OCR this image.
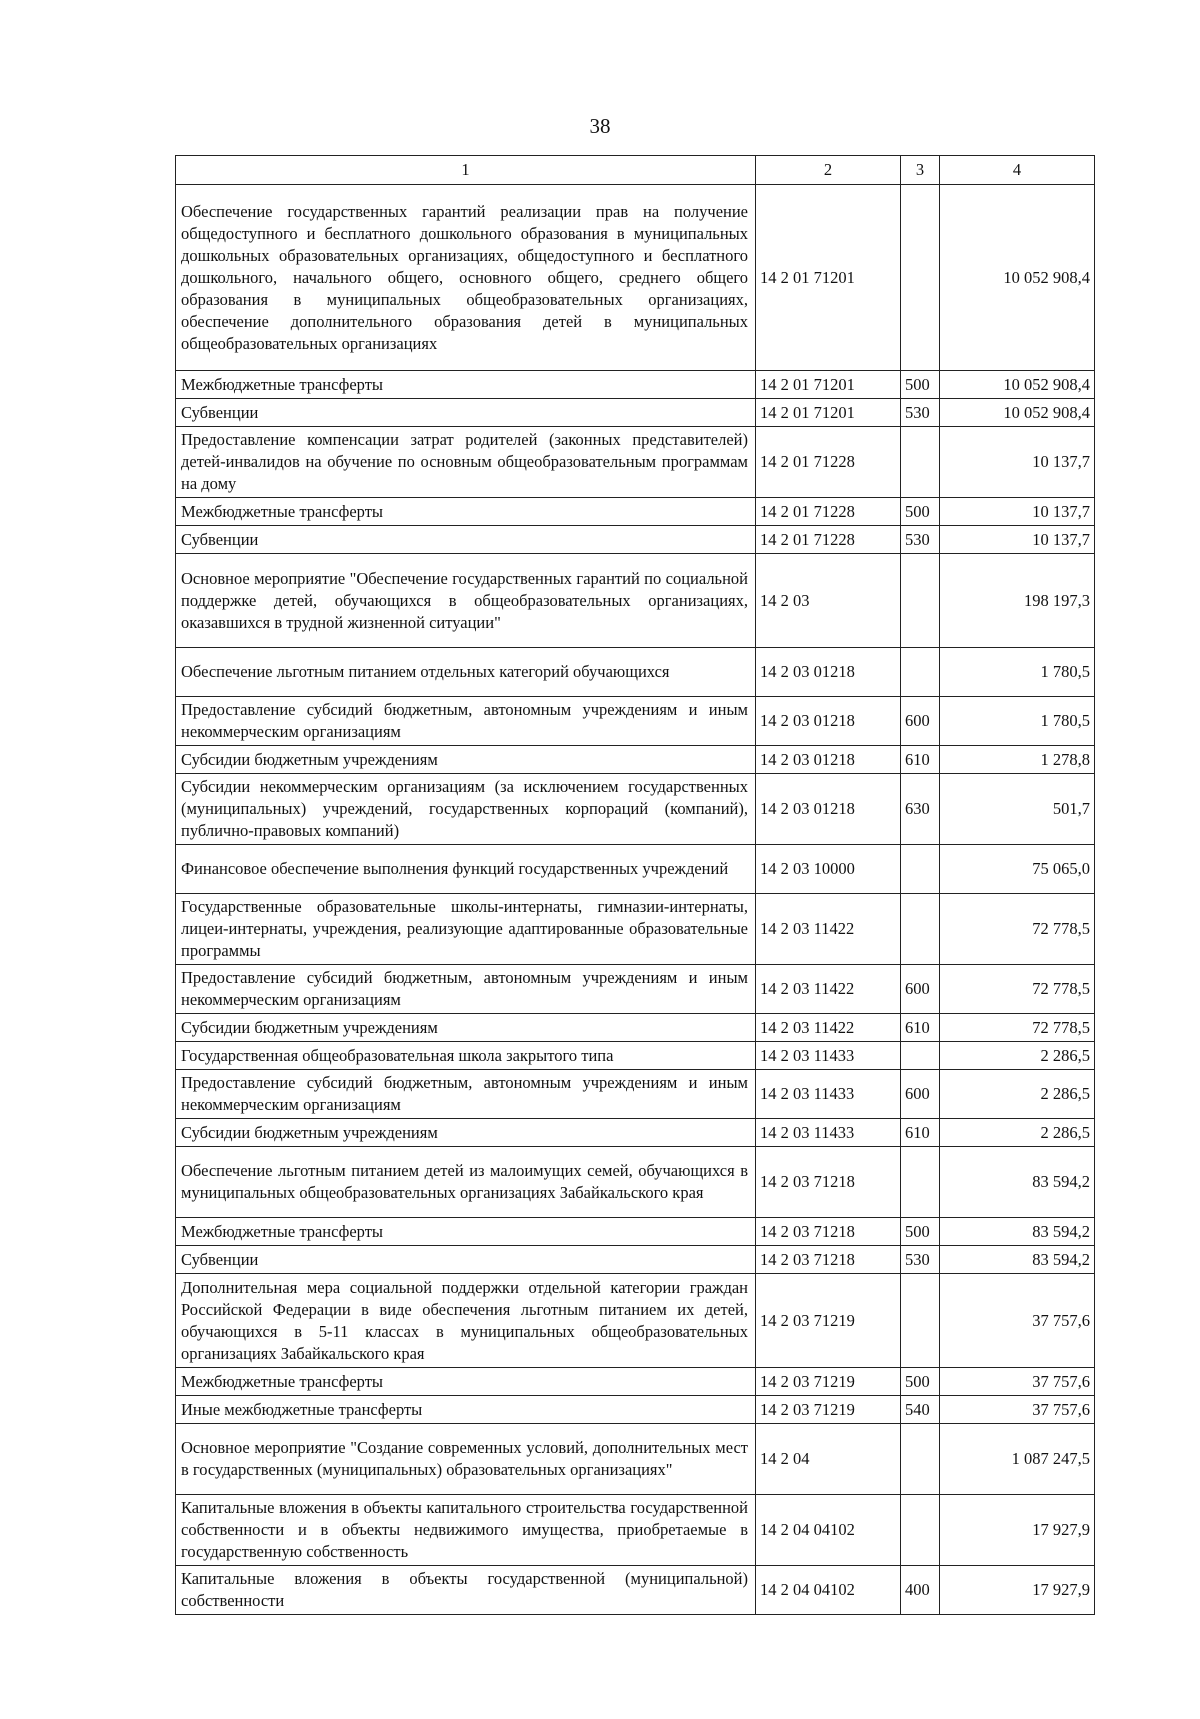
38
1	2	3	4
Обеспечение государственных гарантий реализации прав на получение общедоступного и бесплатного дошкольного образования в муниципальных дошкольных образовательных организациях, общедоступного и бесплатного дошкольного, начального общего, основного общего, среднего общего образования в муниципальных общеобразовательных организациях, обеспечение дополнительного образования детей в муниципальных общеобразовательных организациях	14 2 01 71201		10 052 908,4
Межбюджетные трансферты	14 2 01 71201	500	10 052 908,4
Субвенции	14 2 01 71201	530	10 052 908,4
Предоставление компенсации затрат родителей (законных представителей) детей-инвалидов на обучение по основным общеобразовательным программам на дому	14 2 01 71228		10 137,7
Межбюджетные трансферты	14 2 01 71228	500	10 137,7
Субвенции	14 2 01 71228	530	10 137,7
Основное мероприятие "Обеспечение государственных гарантий по социальной поддержке детей, обучающихся в общеобразовательных организациях, оказавшихся в трудной жизненной ситуации"	14 2 03		198 197,3
Обеспечение льготным питанием отдельных категорий обучающихся	14 2 03 01218		1 780,5
Предоставление субсидий бюджетным, автономным учреждениям и иным некоммерческим организациям	14 2 03 01218	600	1 780,5
Субсидии бюджетным учреждениям	14 2 03 01218	610	1 278,8
Субсидии некоммерческим организациям (за исключением государственных (муниципальных) учреждений, государственных корпораций (компаний), публично-правовых компаний)	14 2 03 01218	630	501,7
Финансовое обеспечение выполнения функций государственных учреждений	14 2 03 10000		75 065,0
Государственные образовательные школы-интернаты, гимназии-интернаты, лицеи-интернаты, учреждения, реализующие адаптированные образовательные программы	14 2 03 11422		72 778,5
Предоставление субсидий бюджетным, автономным учреждениям и иным некоммерческим организациям	14 2 03 11422	600	72 778,5
Субсидии бюджетным учреждениям	14 2 03 11422	610	72 778,5
Государственная общеобразовательная школа закрытого типа	14 2 03 11433		2 286,5
Предоставление субсидий бюджетным, автономным учреждениям и иным некоммерческим организациям	14 2 03 11433	600	2 286,5
Субсидии бюджетным учреждениям	14 2 03 11433	610	2 286,5
Обеспечение льготным питанием детей из малоимущих семей, обучающихся в муниципальных общеобразовательных организациях Забайкальского края	14 2 03 71218		83 594,2
Межбюджетные трансферты	14 2 03 71218	500	83 594,2
Субвенции	14 2 03 71218	530	83 594,2
Дополнительная мера социальной поддержки отдельной категории граждан Российской Федерации в виде обеспечения льготным питанием их детей, обучающихся в 5-11 классах в муниципальных общеобразовательных организациях Забайкальского края	14 2 03 71219		37 757,6
Межбюджетные трансферты	14 2 03 71219	500	37 757,6
Иные межбюджетные трансферты	14 2 03 71219	540	37 757,6
Основное мероприятие "Создание современных условий, дополнительных мест в государственных (муниципальных) образовательных организациях"	14 2 04		1 087 247,5
Капитальные вложения в объекты капитального строительства государственной собственности и в объекты недвижимого имущества, приобретаемые в государственную собственность	14 2 04 04102		17 927,9
Капитальные вложения в объекты государственной (муниципальной) собственности	14 2 04 04102	400	17 927,9
